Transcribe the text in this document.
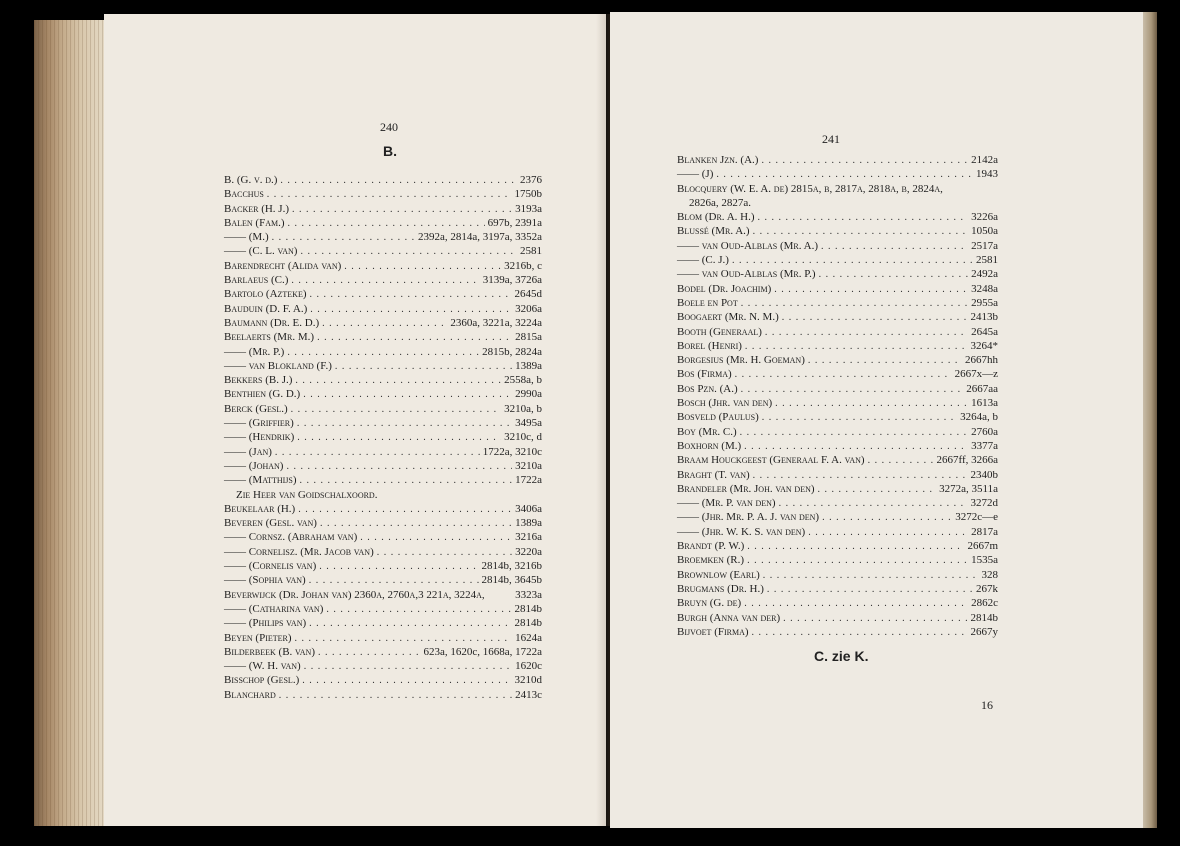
240
B.
B. (G. v. d.) . . .	2376
Bacchus . . .	1750b
Backer (H. J.) . . .	3193a
Balen (Fam.) . . .	697b, 2391a
—— (M.) . . .	2392a, 2814a, 3197a, 3352a
—— (C. L. van) . . .	2581
Barendrecht (Alida van) . . .	3216b, c
Barlaeus (C.) . . .	3139a, 3726a
Bartolo (Azteke) . . .	2645d
Bauduin (D. F. A.) . . .	3206a
Baumann (Dr. E. D.) . . .	2360a, 3221a, 3224a
Beelaerts (Mr. M.) . . .	2815a
—— (Mr. P.) . . .	2815b, 2824a
—— van Blokland (F.) . . .	1389a
Bekkers (B. J.) . . .	2558a, b
Benthien (G. D.) . . .	2990a
Berck (Gesl.) . . .	3210a, b
—— (Griffier) . . .	3495a
—— (Hendrik) . . .	3210c, d
—— (Jan) . . .	1722a, 3210c
—— (Johan) . . .	3210a
—— (Matthijs) . . .	1722a
Zie Heer van Goidschalxoord.
Beukelaar (H.) . . .	3406a
Beveren (Gesl. van) . . .	1389a
—— Cornsz. (Abraham van) . . .	3216a
—— Cornelisz. (Mr. Jacob van) . . .	3220a
—— (Cornelis van) . . .	2814b, 3216b
—— (Sophia van) . . .	2814b, 3645b
Beverwijck (Dr. Johan van) 2360a, 2760a,3 221a, 3224a,	3323a
—— (Catharina van) . . .	2814b
—— (Philips van) . . .	2814b
Beyen (Pieter) . . .	1624a
Bilderbeek (B. van) . . .	623a, 1620c, 1668a, 1722a
—— (W. H. van) . . .	1620c
Bisschop (Gesl.) . . .	3210d
Blanchard . . .	2413c
241
Blanken Jzn. (A.) . . .	2142a
—— (J) . . .	1943
Blocquery (W. E. A. de) 2815a, b, 2817a, 2818a, b, 2824a,
2826a, 2827a.
Blom (Dr. A. H.) . . .	3226a
Blussé (Mr. A.) . . .	1050a
—— van Oud-Alblas (Mr. A.) . . .	2517a
—— (C. J.) . . .	2581
—— van Oud-Alblas (Mr. P.) . . .	2492a
Bodel (Dr. Joachim) . . .	3248a
Boele en Pot . . .	2955a
Boogaert (Mr. N. M.) . . .	2413b
Booth (Generaal) . . .	2645a
Borel (Henri) . . .	3264*
Borgesius (Mr. H. Goeman) . . .	2667hh
Bos (Firma) . . .	2667x—z
Bos Pzn. (A.) . . .	2667aa
Bosch (Jhr. van den) . . .	1613a
Bosveld (Paulus) . . .	3264a, b
Boy (Mr. C.) . . .	2760a
Boxhorn (M.) . . .	3377a
Braam Houckgeest (Generaal F. A. van) . . .	2667ff, 3266a
Braght (T. van) . . .	2340b
Brandeler (Mr. Joh. van den) . . .	3272a, 3511a
—— (Mr. P. van den) . . .	3272d
—— (Jhr. Mr. P. A. J. van den) . . .	3272c—e
—— (Jhr. W. K. S. van den) . . .	2817a
Brandt (P. W.) . . .	2667m
Broemken (R.) . . .	1535a
Brownlow (Earl) . . .	328
Brugmans (Dr. H.) . . .	267k
Bruyn (G. de) . . .	2862c
Burgh (Anna van der) . . .	2814b
Bijvoet (Firma) . . .	2667y
C. zie K.
16
